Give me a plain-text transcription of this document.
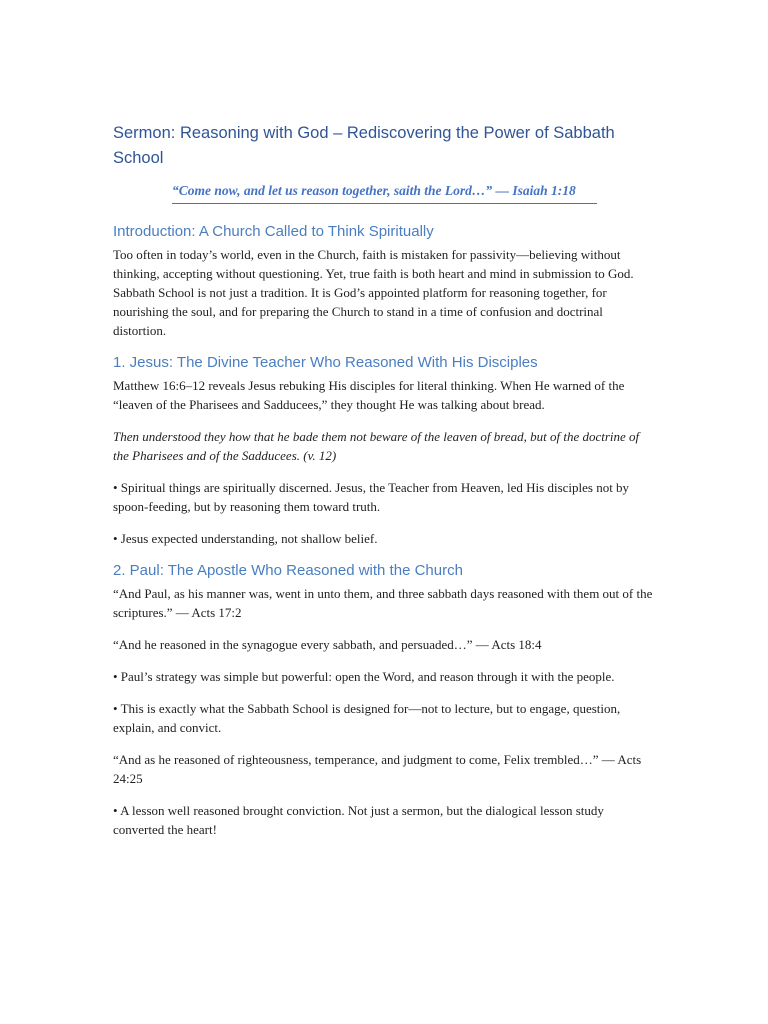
Sermon: Reasoning with God – Rediscovering the Power of Sabbath School
“Come now, and let us reason together, saith the Lord…” — Isaiah 1:18
Introduction: A Church Called to Think Spiritually

Too often in today’s world, even in the Church, faith is mistaken for passivity—believing without thinking, accepting without questioning. Yet, true faith is both heart and mind in submission to God. Sabbath School is not just a tradition. It is God’s appointed platform for reasoning together, for nourishing the soul, and for preparing the Church to stand in a time of confusion and doctrinal distortion.

1. Jesus: The Divine Teacher Who Reasoned With His Disciples

Matthew 16:6–12 reveals Jesus rebuking His disciples for literal thinking. When He warned of the “leaven of the Pharisees and Sadducees,” they thought He was talking about bread.

Then understood they how that he bade them not beware of the leaven of bread, but of the doctrine of the Pharisees and of the Sadducees. (v. 12)

• Spiritual things are spiritually discerned. Jesus, the Teacher from Heaven, led His disciples not by spoon-feeding, but by reasoning them toward truth.

• Jesus expected understanding, not shallow belief.

2. Paul: The Apostle Who Reasoned with the Church

“And Paul, as his manner was, went in unto them, and three sabbath days reasoned with them out of the scriptures.” — Acts 17:2

“And he reasoned in the synagogue every sabbath, and persuaded…” — Acts 18:4

• Paul’s strategy was simple but powerful: open the Word, and reason through it with the people.

• This is exactly what the Sabbath School is designed for—not to lecture, but to engage, question, explain, and convict.

“And as he reasoned of righteousness, temperance, and judgment to come, Felix trembled…” — Acts 24:25

• A lesson well reasoned brought conviction. Not just a sermon, but the dialogical lesson study converted the heart!
